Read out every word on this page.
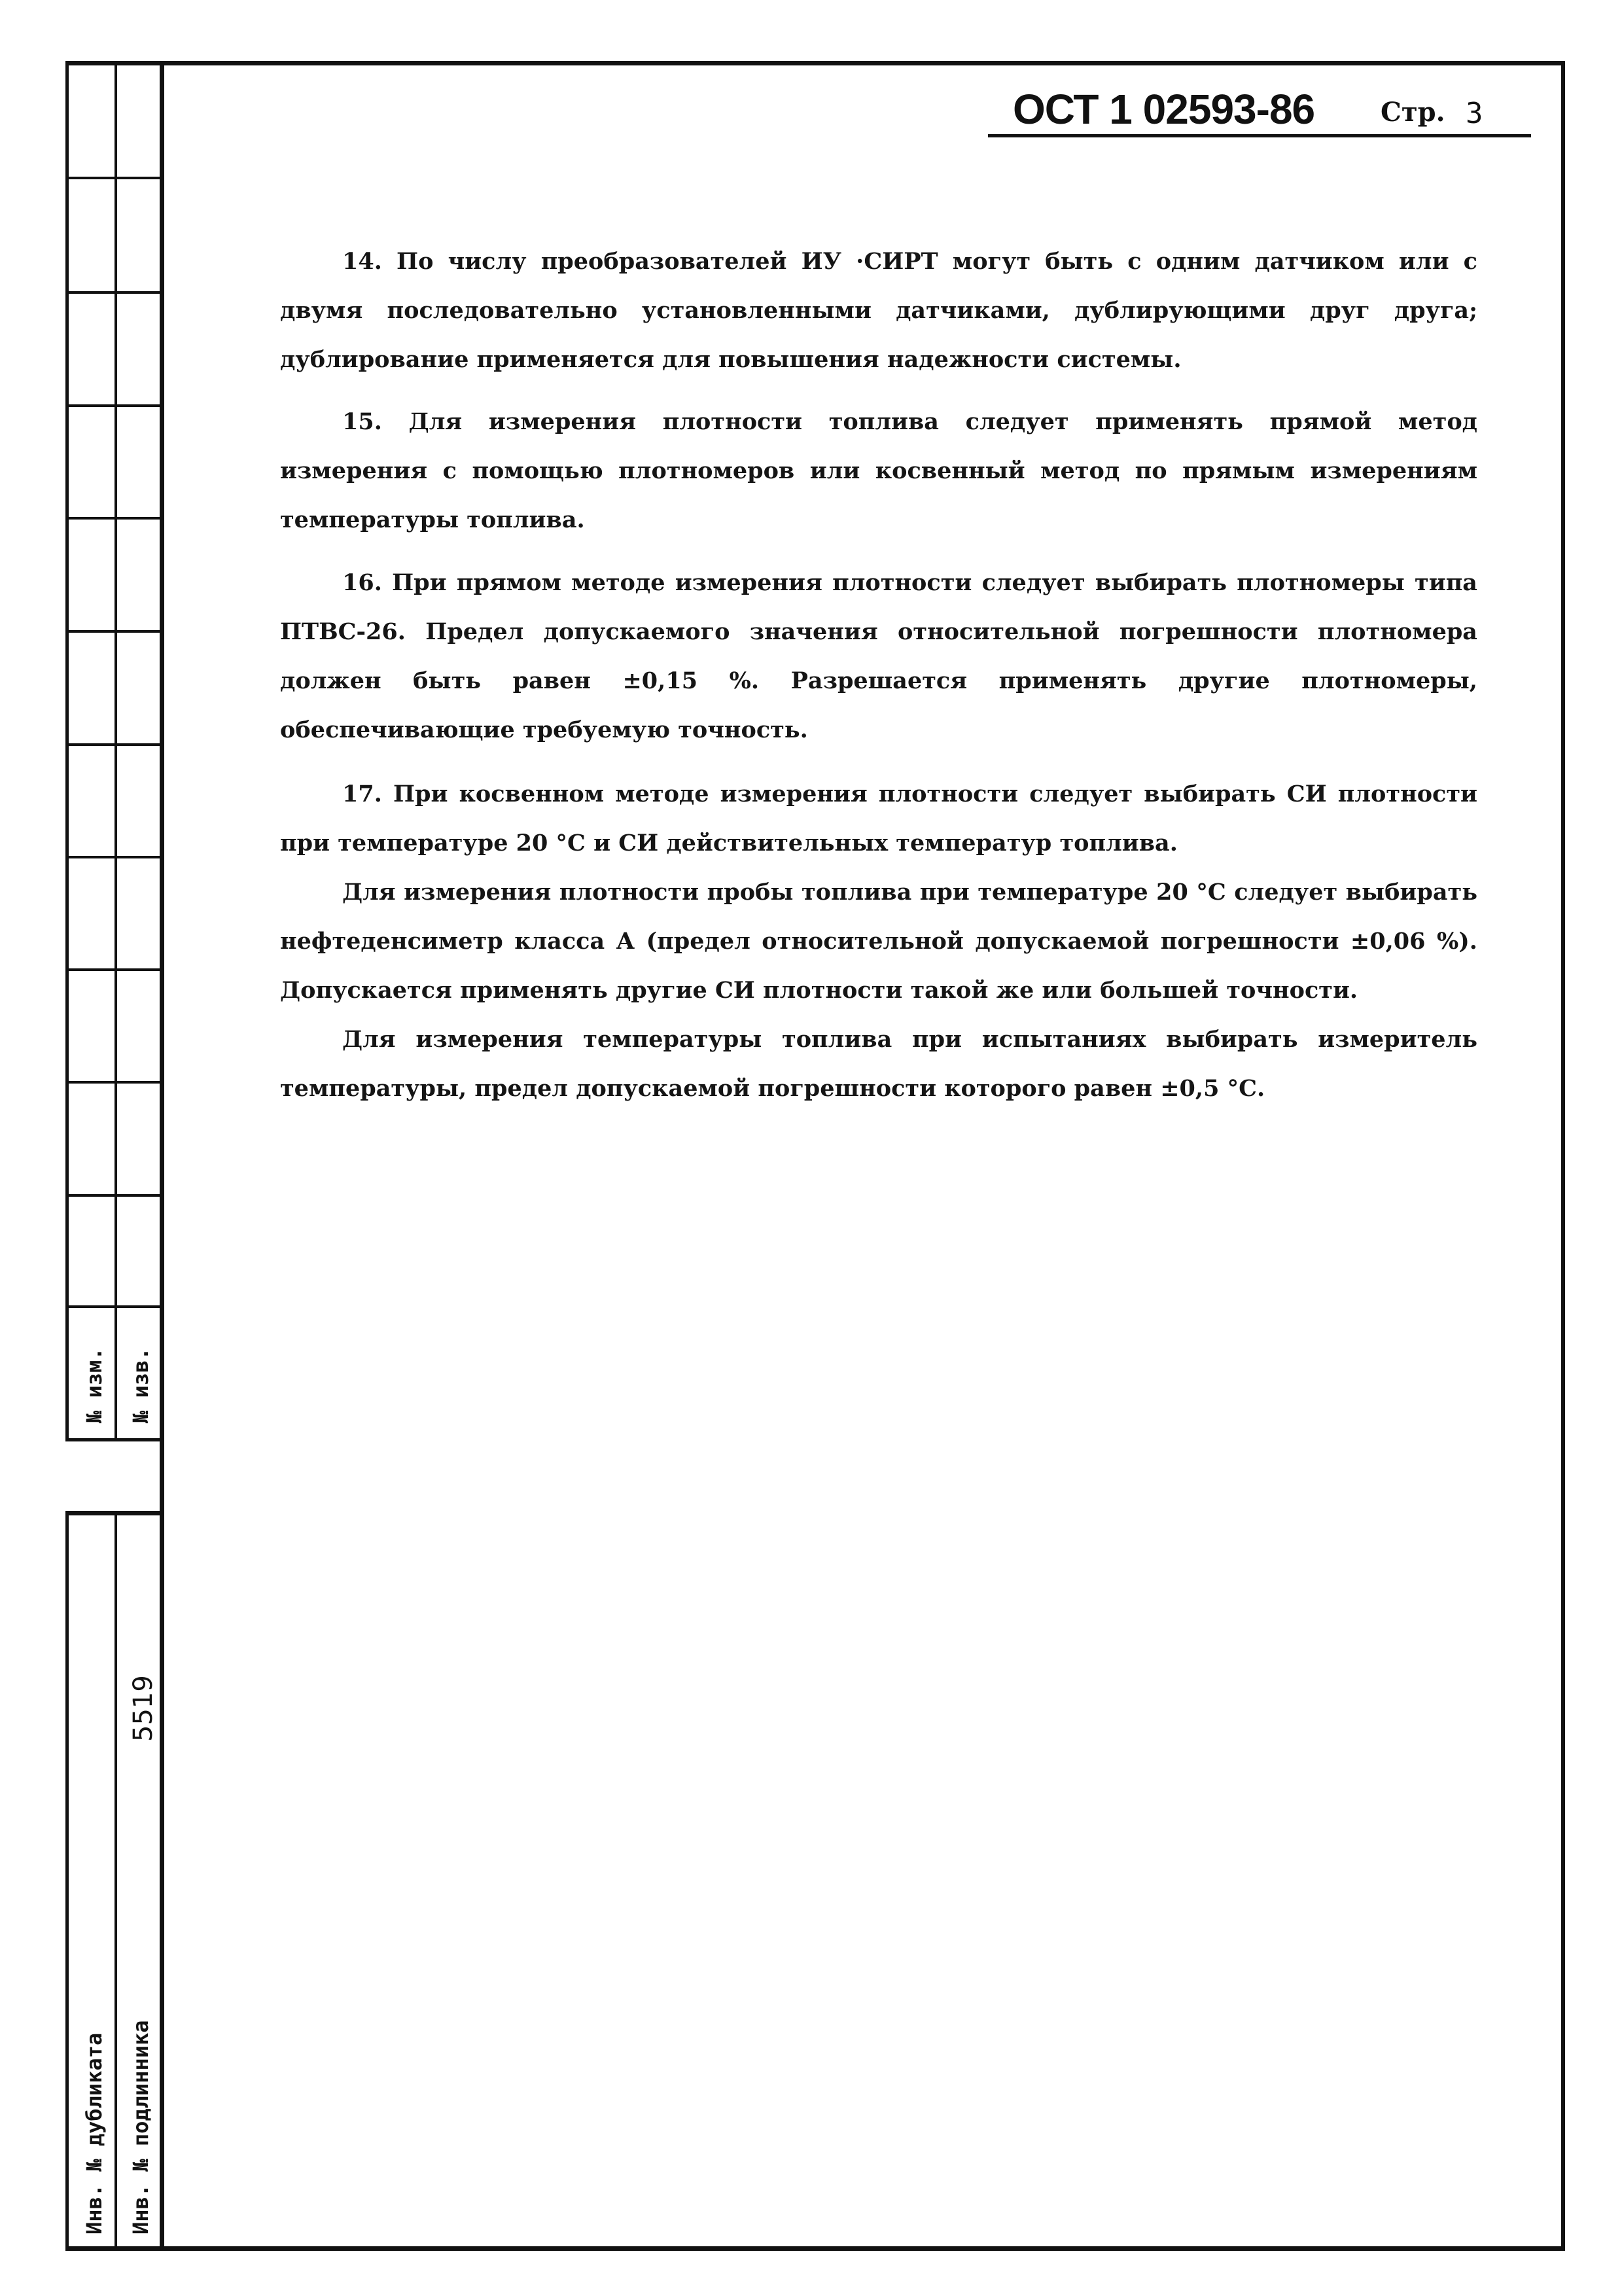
№ изм. № изв.
Инв. № дубликата Инв. № подлинника
5519
ОСТ 1 02593-86	Стр. 3

14. По числу преобразователей ИУ ·СИРТ могут быть с одним датчиком или с двумя последовательно установленными датчиками, дублирующими друг друга; дублирование применяется для повышения надежности системы.

15. Для измерения плотности топлива следует применять прямой метод измерения с помощью плотномеров или косвенный метод по прямым измерениям температуры топлива.

16. При прямом методе измерения плотности следует выбирать плотномеры типа ПТВС-26. Предел допускаемого значения относительной погрешности плотномера должен быть равен ±0,15 %. Разрешается применять другие плотномеры, обеспечивающие требуемую точность.

17. При косвенном методе измерения плотности следует выбирать СИ плотности при температуре 20 °С и СИ действительных температур топлива.

Для измерения плотности пробы топлива при температуре 20 °С следует выбирать нефтеденсиметр класса А (предел относительной допускаемой погрешности ±0,06 %). Допускается применять другие СИ плотности такой же или большей точности.

Для измерения температуры топлива при испытаниях выбирать измеритель температуры, предел допускаемой погрешности которого равен ±0,5 °С.
